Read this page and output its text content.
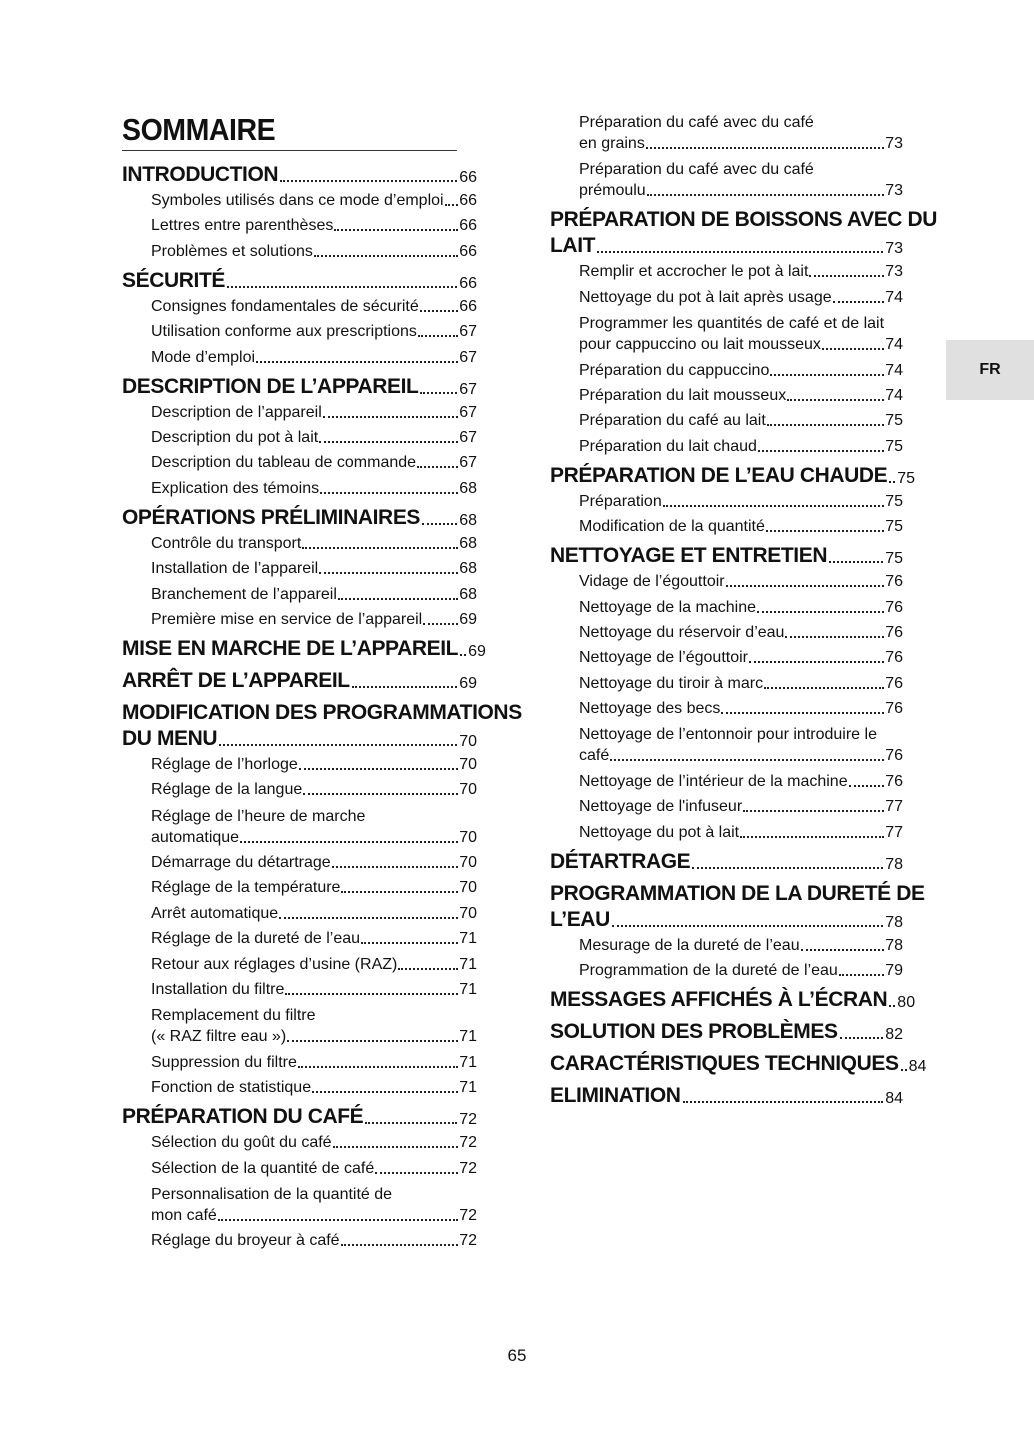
SOMMAIRE
INTRODUCTION	66
Symboles utilisés dans ce mode d’emploi 66
Lettres entre parenthèses	66
Problèmes et solutions	66
SÉCURITÉ	66
Consignes fondamentales de sécurité	66
Utilisation conforme aux prescriptions	67
Mode d’emploi	67
DESCRIPTION DE L’APPAREIL	67
Description de l’appareil	67
Description du pot à lait	67
Description du tableau de commande	67
Explication des témoins	68
OPÉRATIONS PRÉLIMINAIRES 68
Contrôle du transport	68
Installation de l’appareil	68
Branchement de l’appareil	68
Première mise en service de l’appareil 69
MISE EN MARCHE DE L’APPAREIL 69
ARRÊT DE L’APPAREIL	69
MODIFICATION DES PROGRAMMATIONS
DU MENU	70
Réglage de l’horloge	70
Réglage de la langue	70
Réglage de l’heure de marche
automatique	70
Démarrage du détartrage	70
Réglage de la température	70
Arrêt automatique	70
Réglage de la dureté de l’eau	71
Retour aux réglages d’usine (RAZ)	71
Installation du filtre	71
Remplacement du filtre
(« RAZ filtre eau »)	71
Suppression du filtre	71
Fonction de statistique	71
PRÉPARATION DU CAFÉ	72
Sélection du goût du café	72
Sélection de la quantité de café	72
Personnalisation de la quantité de
mon café	72
Réglage du broyeur à café	72
Préparation du café avec du café
en grains	73
Préparation du café avec du café
prémoulu	73
PRÉPARATION DE BOISSONS AVEC DU
LAIT	73
Remplir et accrocher le pot à lait	73
Nettoyage du pot à lait après usage	74
Programmer les quantités de café et de lait
pour cappuccino ou lait mousseux	74
Préparation du cappuccino	74
Préparation du lait mousseux	74
Préparation du café au lait	75
Préparation du lait chaud	75
PRÉPARATION DE L’EAU CHAUDE 75
Préparation	75
Modification de la quantité	75
NETTOYAGE ET ENTRETIEN	75
Vidage de l’égouttoir	76
Nettoyage de la machine	76
Nettoyage du réservoir d’eau	76
Nettoyage de l’égouttoir	76
Nettoyage du tiroir à marc	76
Nettoyage des becs	76
Nettoyage de l’entonnoir pour introduire le
café	76
Nettoyage de l’intérieur de la machine 76
Nettoyage de l'infuseur	77
Nettoyage du pot à lait	77
DÉTARTRAGE	78
PROGRAMMATION DE LA DURETÉ DE
L’EAU	78
Mesurage de la dureté de l’eau	78
Programmation de la dureté de l’eau	79
MESSAGES AFFICHÉS À L’ÉCRAN 80
SOLUTION DES PROBLÈMES	82
CARACTÉRISTIQUES TECHNIQUES 84
ELIMINATION	84
FR
65
